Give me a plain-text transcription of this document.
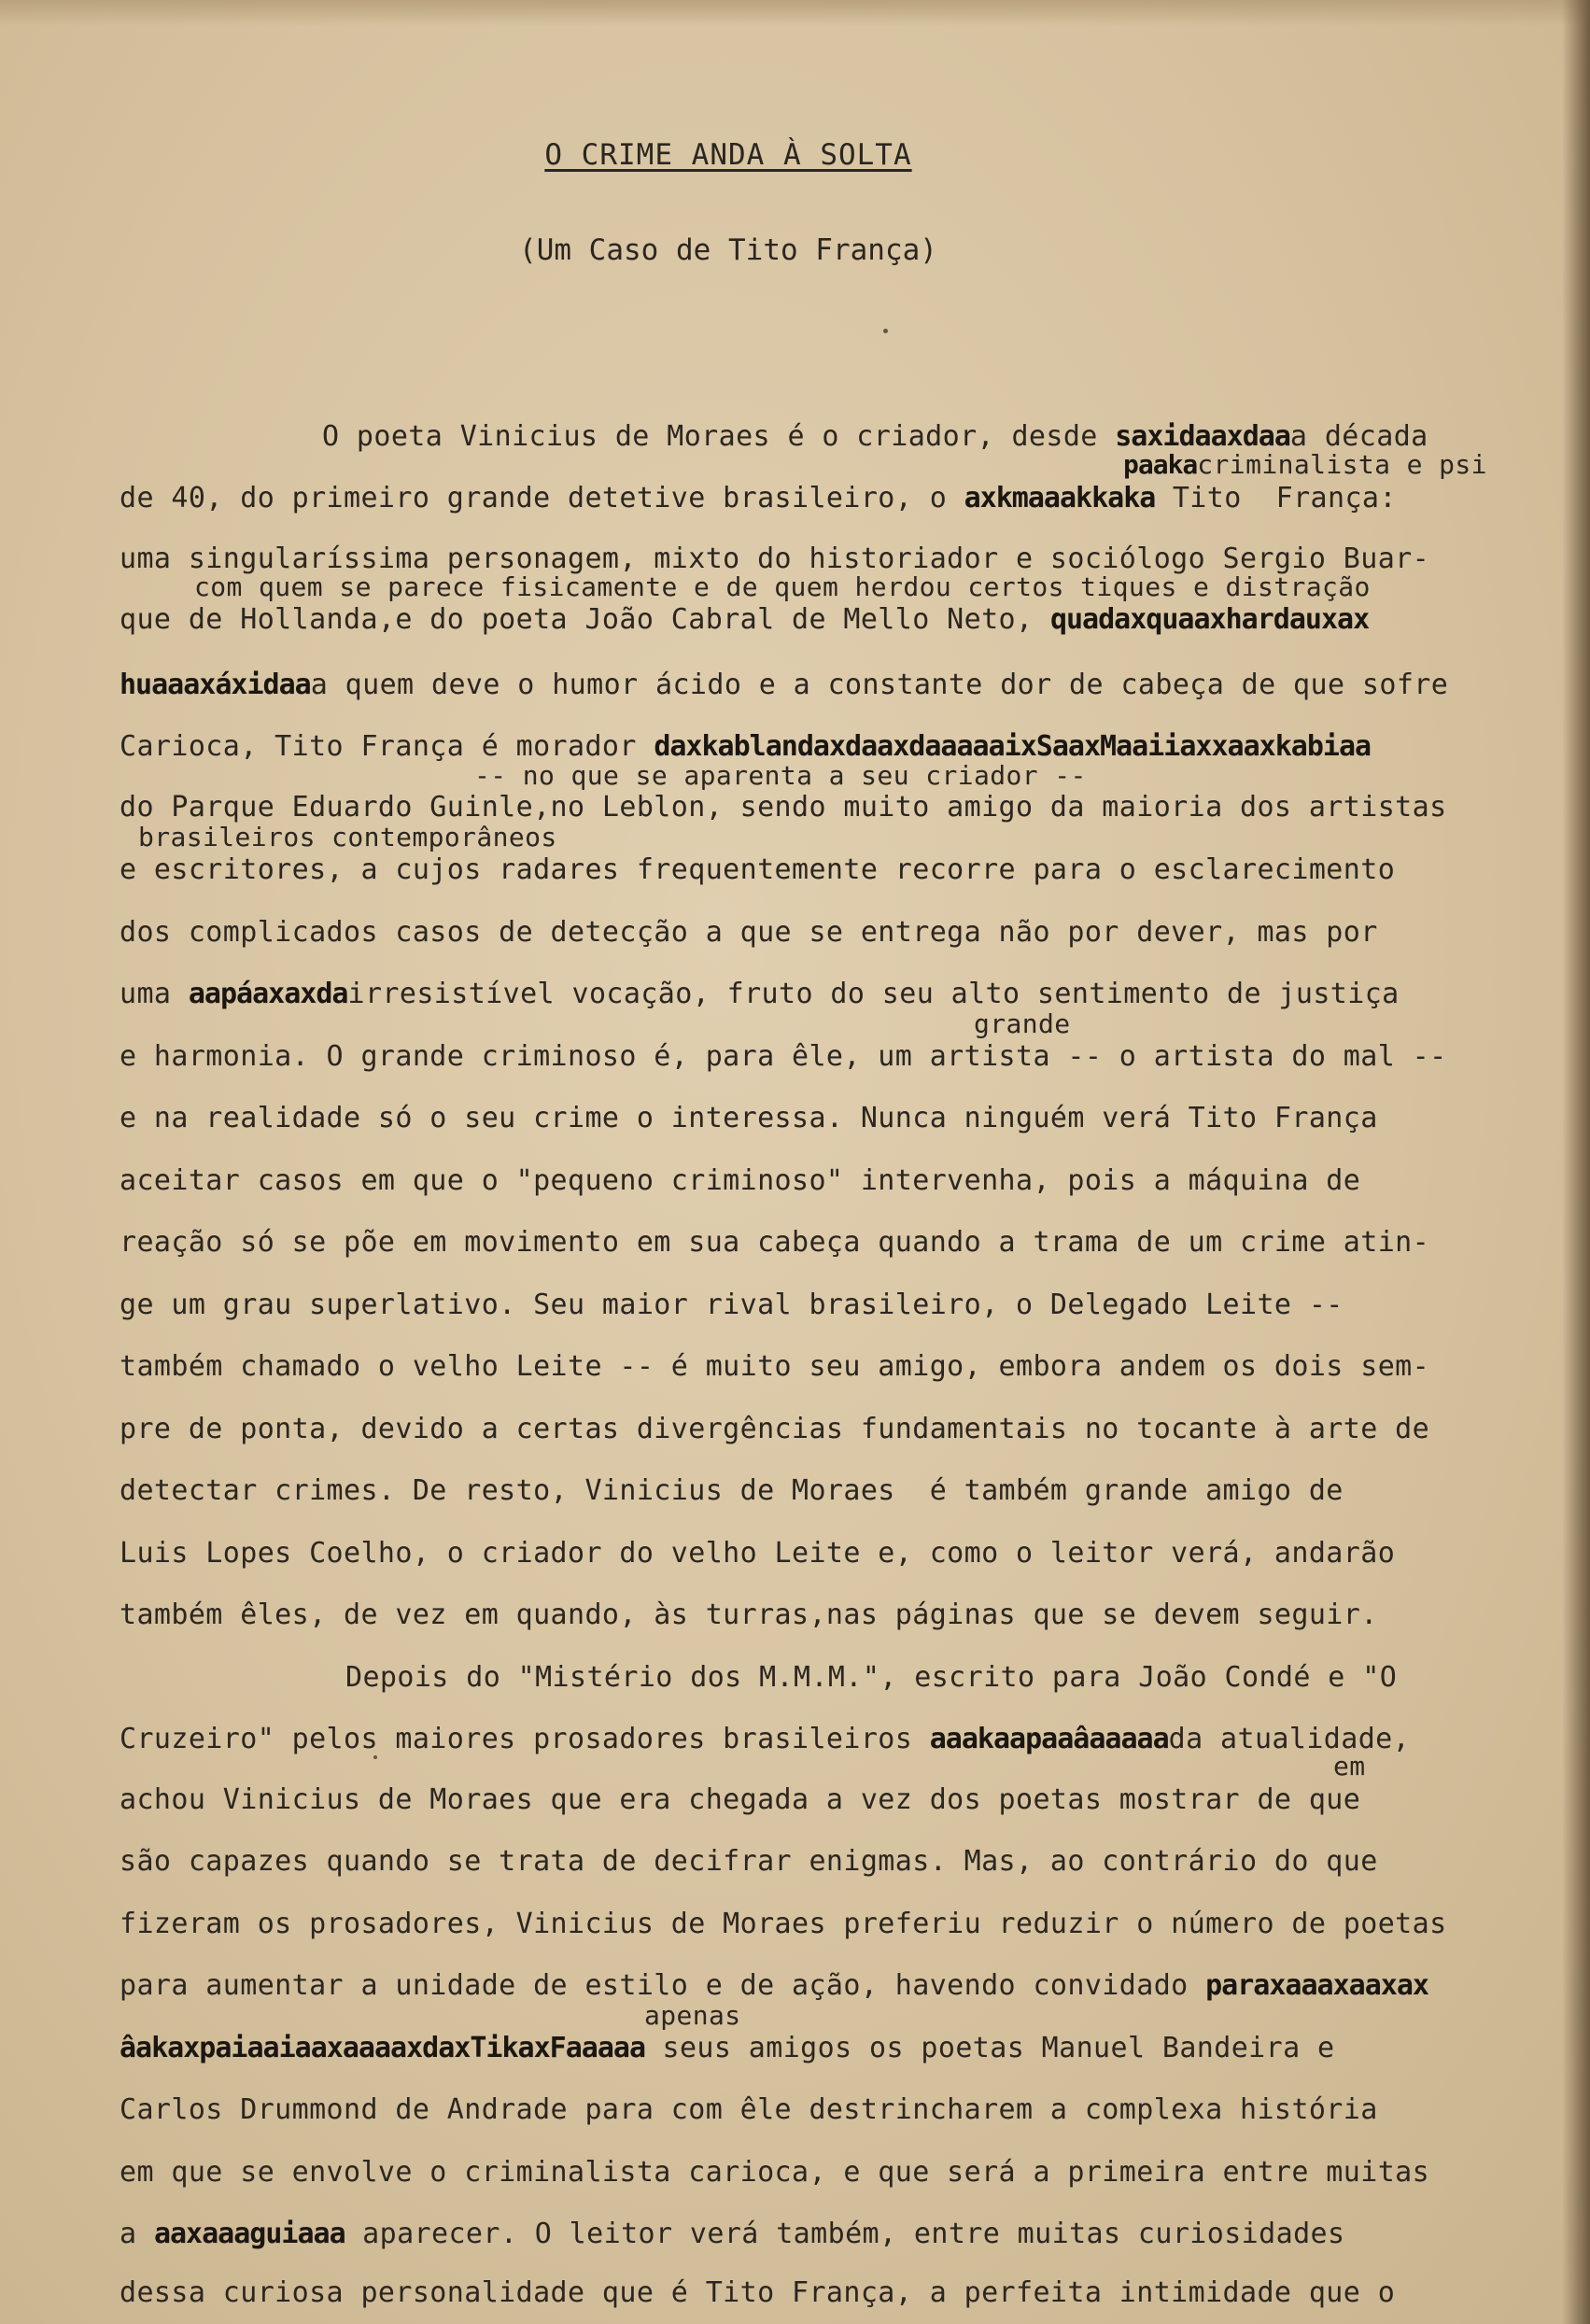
O CRIME ANDA À SOLTA
(Um Caso de Tito França)
O poeta Vinicius de Moraes é o criador, desde saxidaaxdaaa década
paakacriminalista e psi
de 40, do primeiro grande detetive brasileiro, o axkmaaakkaka Tito  França:
uma singularíssima personagem, mixto do historiador e sociólogo Sergio Buar-
com quem se parece fisicamente e de quem herdou certos tiques e distração
que de Hollanda,e do poeta João Cabral de Mello Neto, quadaxquaaxhardauxax
huaaaxáxidaaa quem deve o humor ácido e a constante dor de cabeça de que sofre
Carioca, Tito França é morador daxkablandaxdaaxdaaaaaixSaaxMaaiiaxxaaxkabiaa
-- no que se aparenta a seu criador --
do Parque Eduardo Guinle,no Leblon, sendo muito amigo da maioria dos artistas
brasileiros contemporâneos
e escritores, a cujos radares frequentemente recorre para o esclarecimento
dos complicados casos de detecção a que se entrega não por dever, mas por
uma aapáaxaxdairresistível vocação, fruto do seu alto sentimento de justiça
grande
e harmonia. O grande criminoso é, para êle, um artista -- o artista do mal --
e na realidade só o seu crime o interessa. Nunca ninguém verá Tito França
aceitar casos em que o "pequeno criminoso" intervenha, pois a máquina de
reação só se põe em movimento em sua cabeça quando a trama de um crime atin-
ge um grau superlativo. Seu maior rival brasileiro, o Delegado Leite --
também chamado o velho Leite -- é muito seu amigo, embora andem os dois sem-
pre de ponta, devido a certas divergências fundamentais no tocante à arte de
detectar crimes. De resto, Vinicius de Moraes  é também grande amigo de
Luis Lopes Coelho, o criador do velho Leite e, como o leitor verá, andarão
também êles, de vez em quando, às turras,nas páginas que se devem seguir.
Depois do "Mistério dos M.M.M.", escrito para João Condé e "O
Cruzeiro" pelos maiores prosadores brasileiros aaakaapaaâaaaaada atualidade,
em
achou Vinicius de Moraes que era chegada a vez dos poetas mostrar de que
são capazes quando se trata de decifrar enigmas. Mas, ao contrário do que
fizeram os prosadores, Vinicius de Moraes preferiu reduzir o número de poetas
para aumentar a unidade de estilo e de ação, havendo convidado paraxaaaxaaxax
apenas
âakaxpaiaaiaaxaaaaxdaxTikaxFaaaaa seus amigos os poetas Manuel Bandeira e
Carlos Drummond de Andrade para com êle destrincharem a complexa história
em que se envolve o criminalista carioca, e que será a primeira entre muitas
a aaxaaaguiaaa aparecer. O leitor verá também, entre muitas curiosidades
dessa curiosa personalidade que é Tito França, a perfeita intimidade que o
